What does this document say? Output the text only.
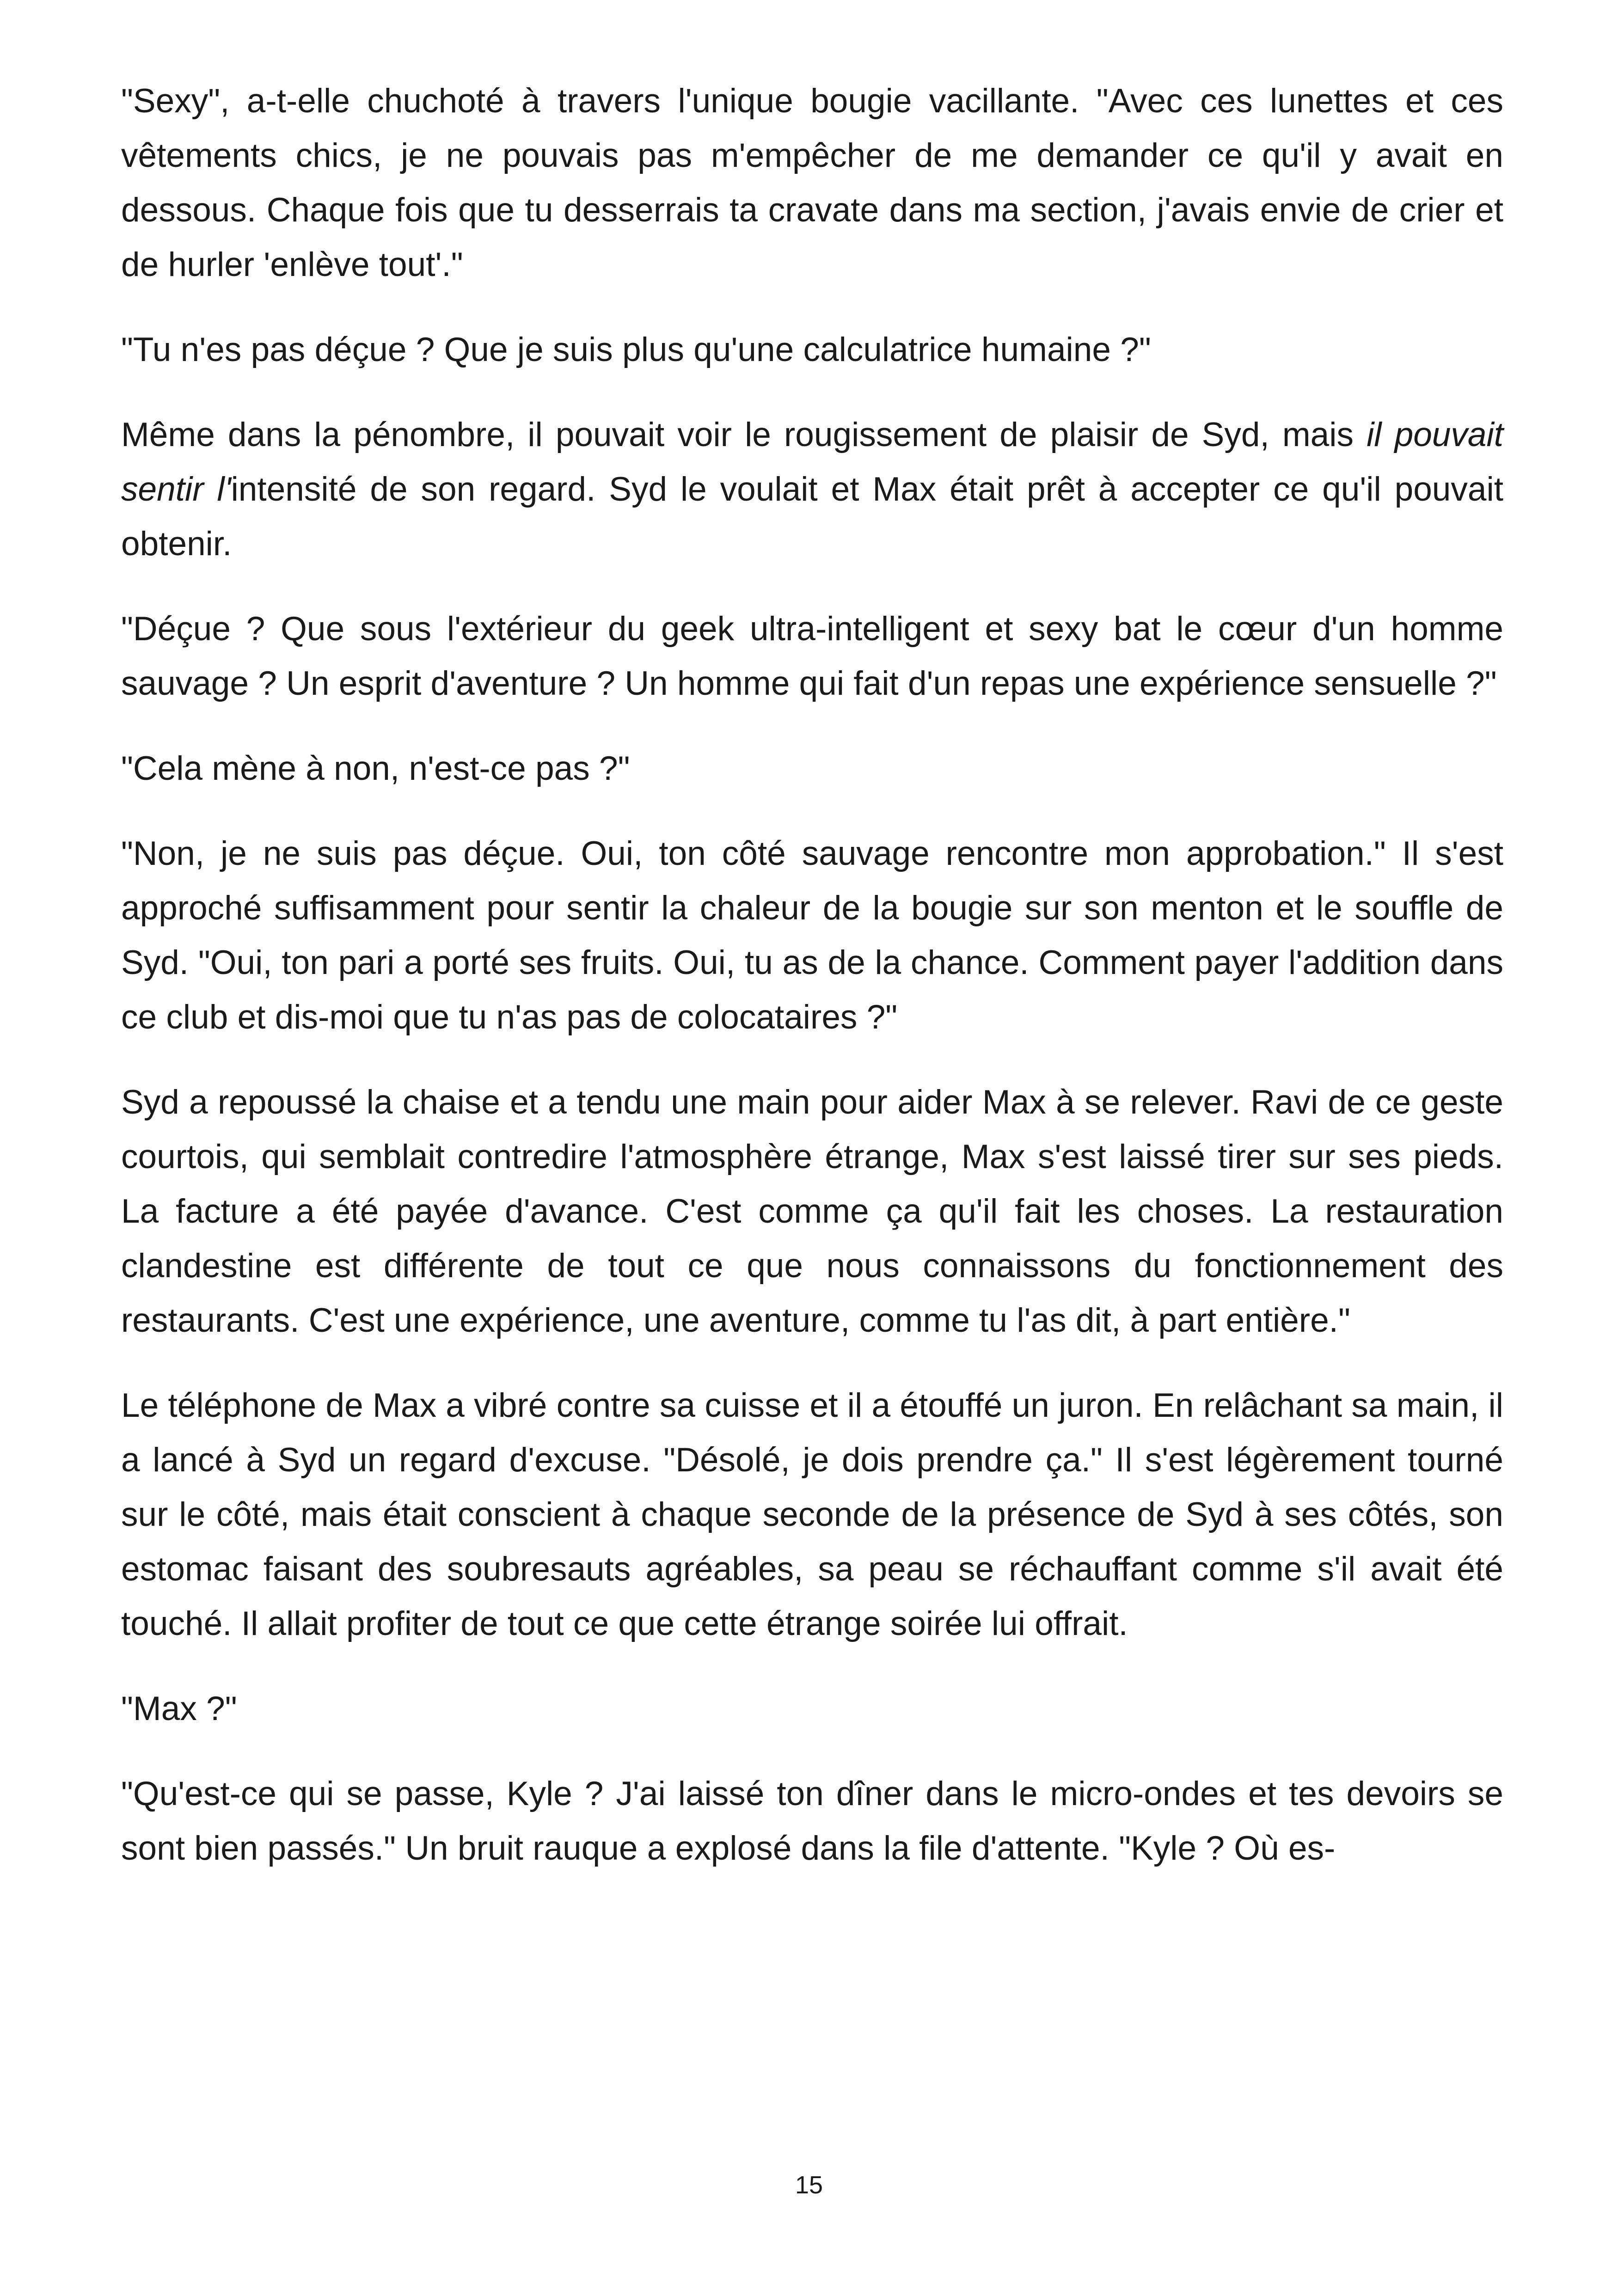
"Sexy", a-t-elle chuchoté à travers l'unique bougie vacillante. "Avec ces lunettes et ces vêtements chics, je ne pouvais pas m'empêcher de me demander ce qu'il y avait en dessous. Chaque fois que tu desserrais ta cravate dans ma section, j'avais envie de crier et de hurler 'enlève tout'."

"Tu n'es pas déçue ? Que je suis plus qu'une calculatrice humaine ?"

Même dans la pénombre, il pouvait voir le rougissement de plaisir de Syd, mais il pouvait sentir l'intensité de son regard. Syd le voulait et Max était prêt à accepter ce qu'il pouvait obtenir.

"Déçue ? Que sous l'extérieur du geek ultra-intelligent et sexy bat le cœur d'un homme sauvage ? Un esprit d'aventure ? Un homme qui fait d'un repas une expérience sensuelle ?"

"Cela mène à non, n'est-ce pas ?"

"Non, je ne suis pas déçue. Oui, ton côté sauvage rencontre mon approbation." Il s'est approché suffisamment pour sentir la chaleur de la bougie sur son menton et le souffle de Syd. "Oui, ton pari a porté ses fruits. Oui, tu as de la chance. Comment payer l'addition dans ce club et dis-moi que tu n'as pas de colocataires ?"

Syd a repoussé la chaise et a tendu une main pour aider Max à se relever. Ravi de ce geste courtois, qui semblait contredire l'atmosphère étrange, Max s'est laissé tirer sur ses pieds. La facture a été payée d'avance. C'est comme ça qu'il fait les choses. La restauration clandestine est différente de tout ce que nous connaissons du fonctionnement des restaurants. C'est une expérience, une aventure, comme tu l'as dit, à part entière."

Le téléphone de Max a vibré contre sa cuisse et il a étouffé un juron. En relâchant sa main, il a lancé à Syd un regard d'excuse. "Désolé, je dois prendre ça." Il s'est légèrement tourné sur le côté, mais était conscient à chaque seconde de la présence de Syd à ses côtés, son estomac faisant des soubresauts agréables, sa peau se réchauffant comme s'il avait été touché. Il allait profiter de tout ce que cette étrange soirée lui offrait.

"Max ?"

"Qu'est-ce qui se passe, Kyle ? J'ai laissé ton dîner dans le micro-ondes et tes devoirs se sont bien passés." Un bruit rauque a explosé dans la file d'attente. "Kyle ? Où es-

15
